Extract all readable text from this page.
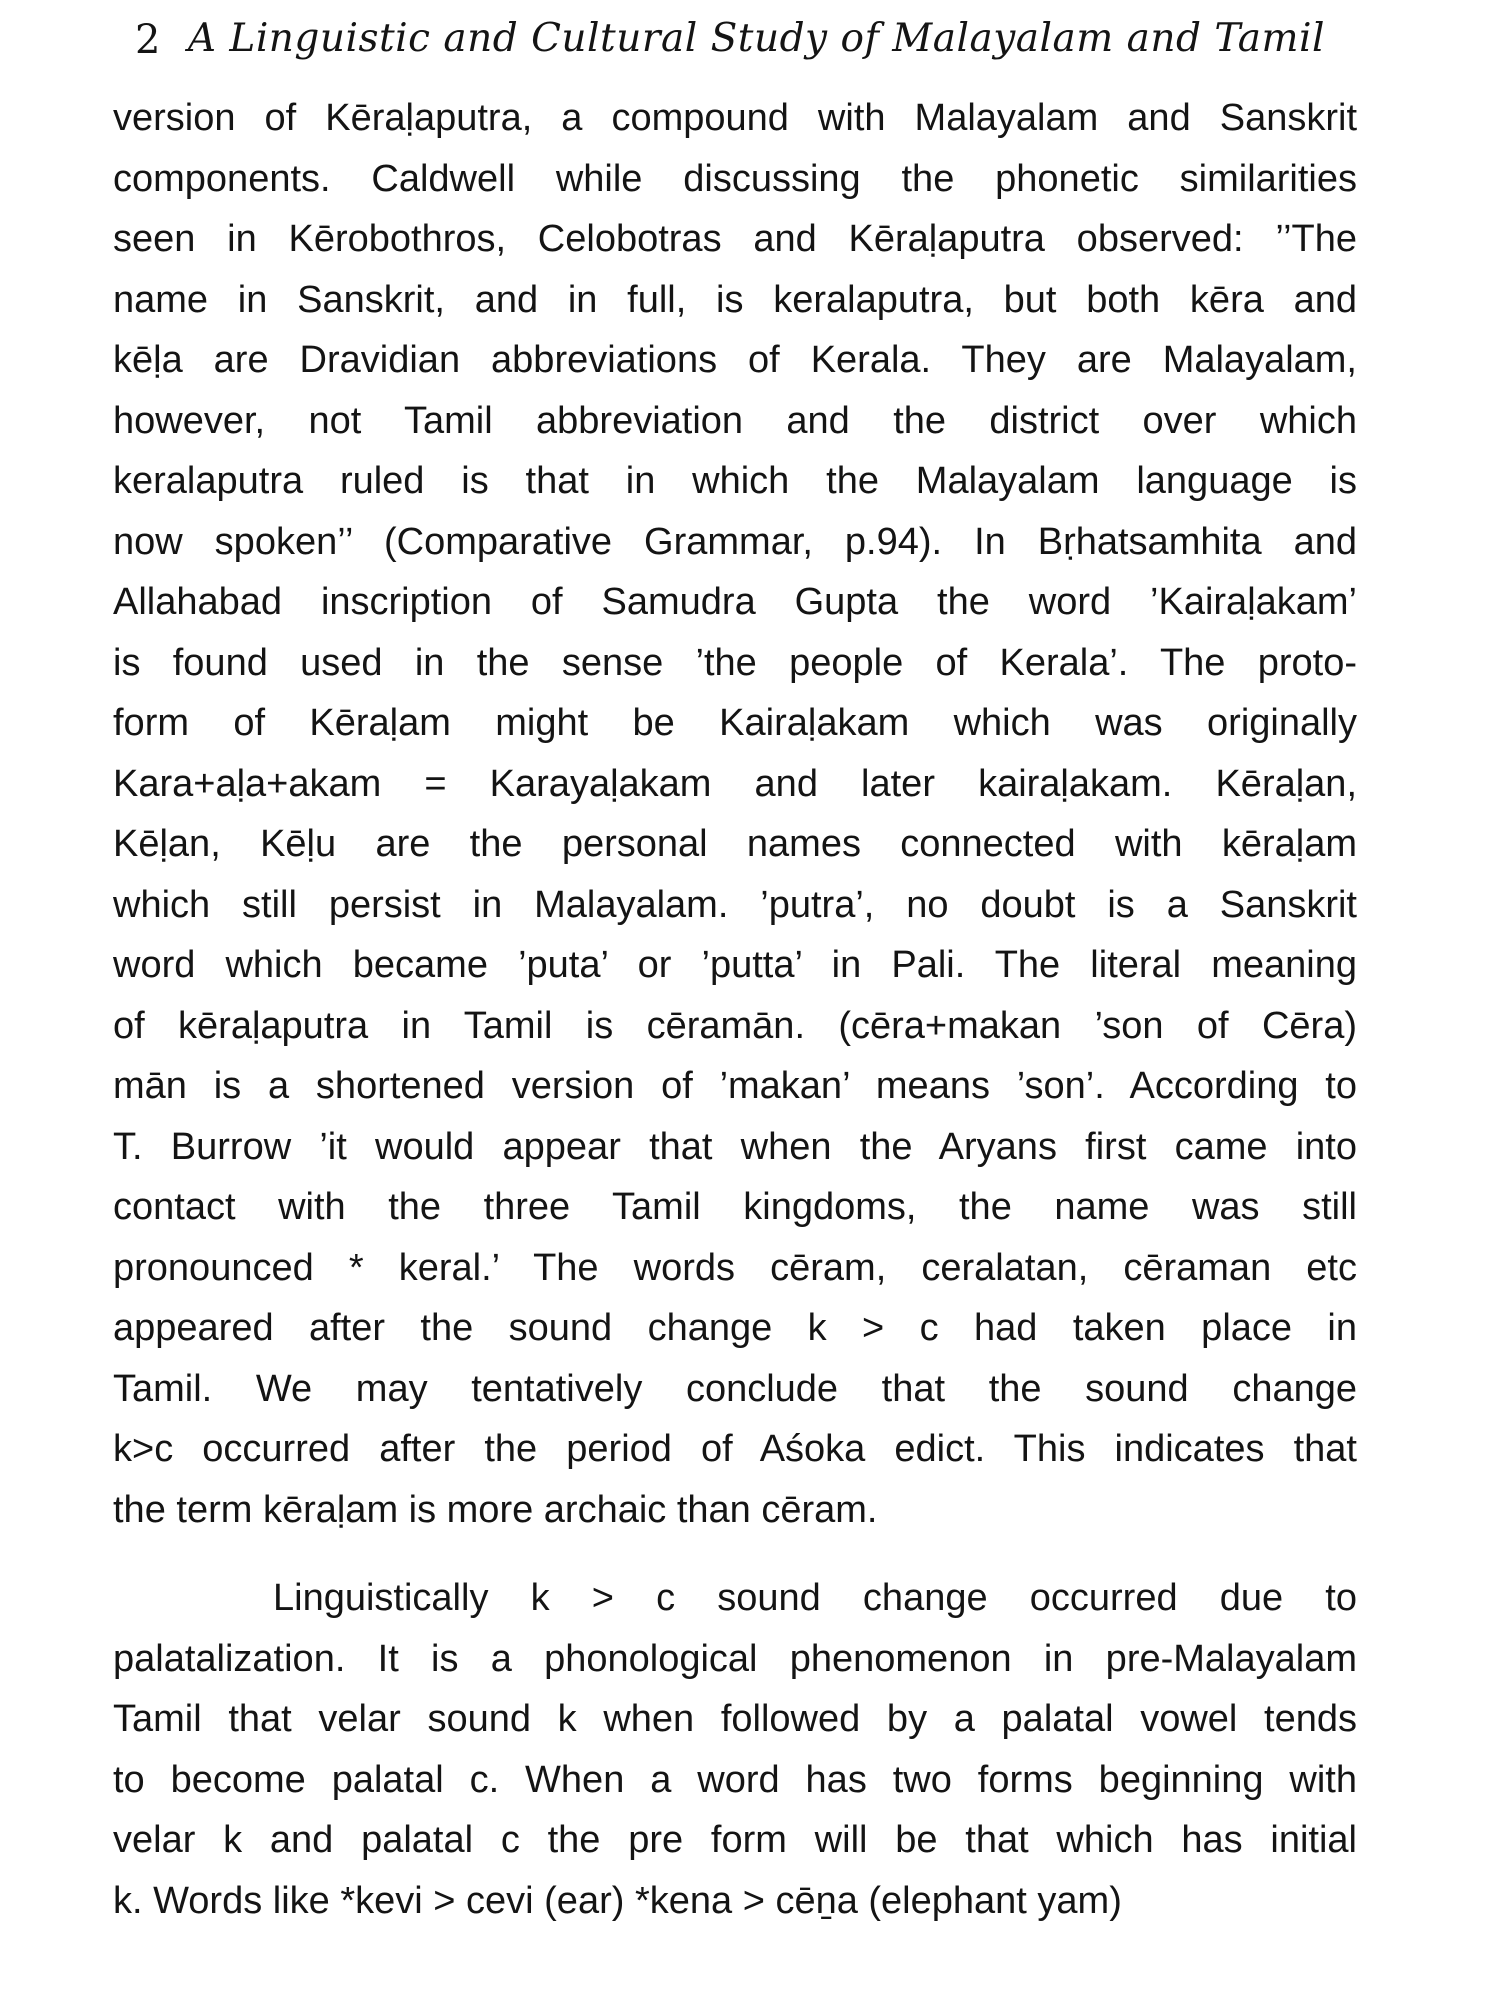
2 A Linguistic and Cultural Study of Malayalam and Tamil
version of Kēraḷaputra, a compound with Malayalam and Sanskrit
components. Caldwell while discussing the phonetic similarities
seen in Kērobothros, Celobotras and Kēraḷaputra observed: ’’The
name in Sanskrit, and in full, is keralaputra, but both kēra and
kēḷa are Dravidian abbreviations of Kerala. They are Malayalam,
however, not Tamil abbreviation and the district over which
keralaputra ruled is that in which the Malayalam language is
now spoken’’ (Comparative Grammar, p.94). In Bṛhatsamhita and
Allahabad inscription of Samudra Gupta the word ’Kairaḷakam’
is found used in the sense ’the people of Kerala’. The proto-
form of Kēraḷam might be Kairaḷakam which was originally
Kara+aḷa+akam = Karayaḷakam and later kairaḷakam. Kēraḷan,
Kēḷan, Kēḷu are the personal names connected with kēraḷam
which still persist in Malayalam. ’putra’, no doubt is a Sanskrit
word which became ’puta’ or ’putta’ in Pali. The literal meaning
of kēraḷaputra in Tamil is cēramān. (cēra+makan ’son of Cēra)
mān is a shortened version of ’makan’ means ’son’. According to
T. Burrow ’it would appear that when the Aryans first came into
contact with the three Tamil kingdoms, the name was still
pronounced * keral.’ The words cēram, ceralatan, cēraman etc
appeared after the sound change k > c had taken place in
Tamil. We may tentatively conclude that the sound change
k>c occurred after the period of Aśoka edict. This indicates that
the term kēraḷam is more archaic than cēram.
Linguistically k > c sound change occurred due to
palatalization. It is a phonological phenomenon in pre-Malayalam
Tamil that velar sound k when followed by a palatal vowel tends
to become palatal c. When a word has two forms beginning with
velar k and palatal c the pre form will be that which has initial
k. Words like *kevi > cevi (ear) *kena > cēṉa (elephant yam)
